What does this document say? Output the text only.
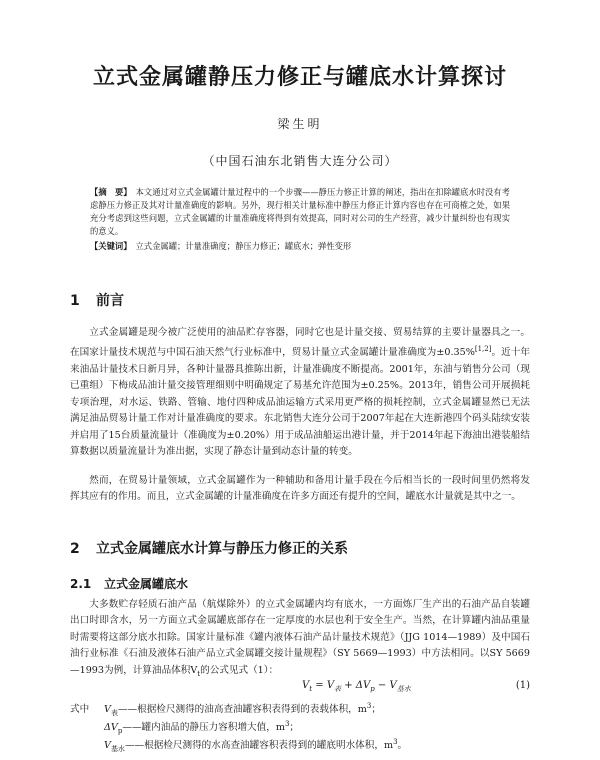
立式金属罐静压力修正与罐底水计算探讨
梁生明
（中国石油东北销售大连分公司）
【摘　要】 本文通过对立式金属罐计量过程中的一个步骤——静压力修正计算的阐述，指出在扣除罐底水时没有考虑静压力修正及其对计量准确度的影响。另外，现行相关计量标准中静压力修正计算内容也存在可商榷之处，如果充分考虑到这些问题，立式金属罐的计量准确度将得到有效提高，同时对公司的生产经营，减少计量纠纷也有现实的意义。
【关键词】 立式金属罐；计量准确度；静压力修正；罐底水；弹性变形
1 前言
立式金属罐是现今被广泛使用的油品贮存容器，同时它也是计量交接、贸易结算的主要计量器具之一。在国家计量技术规范与中国石油天然气行业标准中，贸易计量立式金属罐计量准确度为±0.35%[1,2]。近十年来油品计量技术日新月异，各种计量器具推陈出新，计量准确度不断提高。2001年，东油与销售分公司（现已重组）下梅成品油计量交接管理细则中明确规定了易基允许范围为±0.25%。2013年，销售公司开展损耗专项治理，对水运、铁路、管输、地付四种成品油运输方式采用更严格的损耗控制，立式金属罐显然已无法满足油品贸易计量工作对计量准确度的要求。东北销售大连分公司于2007年起在大连新港四个码头陆续安装并启用了15台质量流量计（准确度为±0.20%）用于成品油船运出港计量，并于2014年起下海油出港装船结算数据以质量流量计为准出据，实现了静态计量到动态计量的转变。
然而，在贸易计量领域，立式金属罐作为一种辅助和备用计量手段在今后相当长的一段时间里仍然将发挥其应有的作用。而且，立式金属罐的计量准确度在许多方面还有提升的空间，罐底水计量就是其中之一。
2 立式金属罐底水计算与静压力修正的关系
2.1 立式金属罐底水
大多数贮存轻质石油产品（航煤除外）的立式金属罐内均有底水，一方面炼厂生产出的石油产品自装罐出口时即含水，另一方面立式金属罐底部存在一定厚度的水层也利于安全生产。当然，在计算罐内油品重量时需要将这部分底水扣除。国家计量标准《罐内液体石油产品计量技术规范》（JJG 1014—1989）及中国石油行业标准《石油及液体石油产品立式金属罐交接计量规程》（SY 5669—1993）中方法相同。以SY 5669—1993为例，计算油品体积$V_t$的公式见式（1）：
$V_t = V_表 + \Delta V_p - V_{基水}$	(1)
式中 $V_表——$根据检尺测得的油高查油罐容积表得到的表载体积，$m^3$；
$\Delta V_p——$罐内油品的静压力容积增大值，$m^3$；
$V_{基水}——$根据检尺测得的水高查油罐容积表得到的罐底明水体积，$m^3$。
